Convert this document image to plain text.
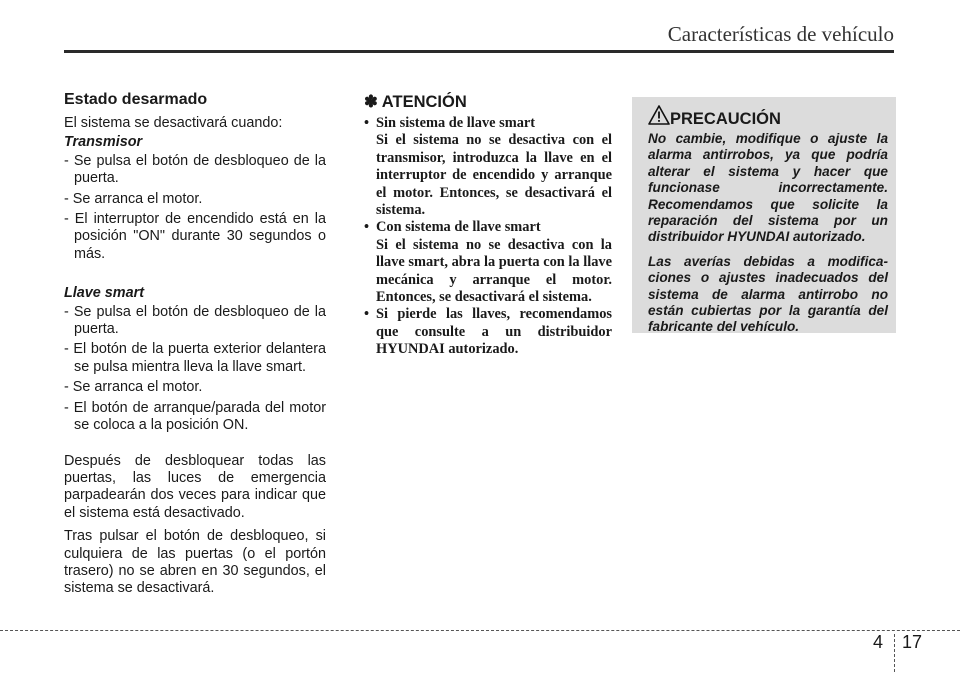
Características de vehículo
Estado desarmado

El sistema se desactivará cuando:

Transmisor

- Se pulsa el botón de desbloqueo de la puerta.

- Se arranca el motor.

- El interruptor de encendido está en la posición "ON" durante 30 segundos o más.

Llave smart

- Se pulsa el botón de desbloqueo de la puerta.

- El botón de la puerta exterior delantera se pulsa mientra lleva la llave smart.

- Se arranca el motor.

- El botón de arranque/parada del motor se coloca a la posición ON.

Después de desbloquear todas las puertas, las luces de emergencia parpadearán dos veces para indicar que el sistema está desactivado.

Tras pulsar el botón de desbloqueo, si culquiera de las puertas (o el portón trasero) no se abren en 30 segundos, el sistema se desactivará.

✽ ATENCIÓN
• Sin sistema de llave smart
Si el sistema no se desactiva con el transmisor, introduzca la llave en el interruptor de encendido y arranque el motor. Entonces, se desactivará el sistema.
• Con sistema de llave smart
Si el sistema no se desactiva con la llave smart, abra la puerta con la llave mecánica y arranque el motor. Entonces, se desactivará el sistema.
• Si pierde las llaves, recomendamos que consulte a un distribuidor HYUNDAI autorizado.
PRECAUCIÓN

No cambie, modifique o ajuste la alarma antirrobos, ya que podría alterar el sistema y hacer que funcionase incorrectamente. Recomendamos que solicite la reparación del sistema por un distribuidor HYUNDAI autorizado.

Las averías debidas a modifica-ciones o ajustes inadecuados del sistema de alarma antirrobo no están cubiertas por la garantía del fabricante del vehículo.

4 17
